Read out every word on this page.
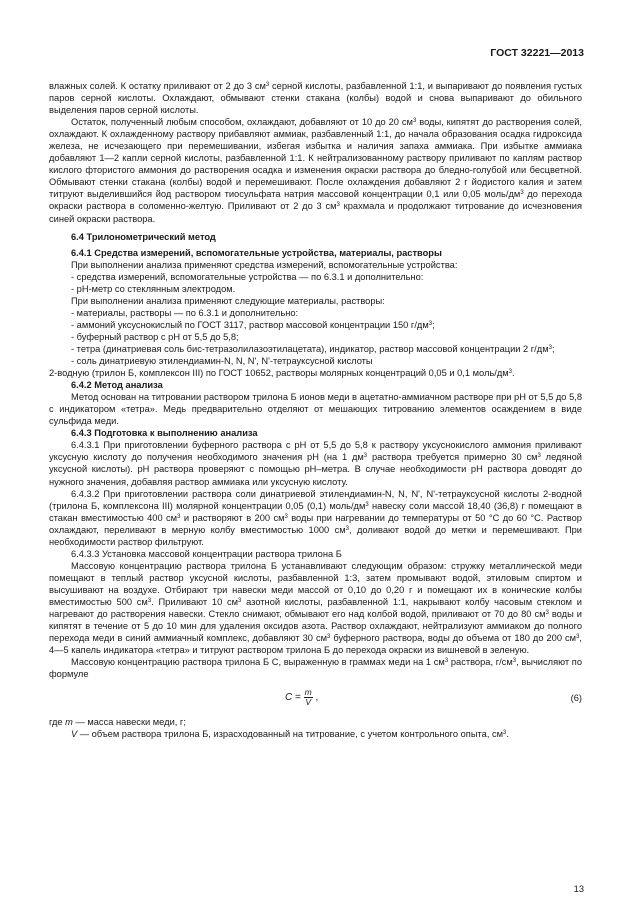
ГОСТ 32221—2013

влажных солей. К остатку приливают от 2 до 3 $см^3$ серной кислоты, разбавленной 1:1, и выпаривают до появления густых паров серной кислоты. Охлаждают, обмывают стенки стакана (колбы) водой и снова выпаривают до обильного выделения паров серной кислоты.

Остаток, полученный любым способом, охлаждают, добавляют от 10 до 20 $см^3$ воды, кипятят до растворения солей, охлаждают. К охлажденному раствору прибавляют аммиак, разбавленный 1:1, до начала образования осадка гидроксида железа, не исчезающего при перемешивании, избегая избытка и наличия запаха аммиака. При избытке аммиака добавляют 1—2 капли серной кислоты, разбавленной 1:1. К нейтрализованному раствору приливают по каплям раствор кислого фтористого аммония до растворения осадка и изменения окраски раствора до бледно-голубой или бесцветной. Обмывают стенки стакана (колбы) водой и перемешивают. После охлаждения добавляют 2 г йодистого калия и затем титруют выделившийся йод раствором тиосульфата натрия массовой концентрации 0,1 или 0,05 моль/$дм^3$ до перехода окраски раствора в соломенно-желтую. Приливают от 2 до 3 $см^3$ крахмала и продолжают титрование до исчезновения синей окраски раствора.

6.4 Трилонометрический метод

6.4.1 Средства измерений, вспомогательные устройства, материалы, растворы

При выполнении анализа применяют средства измерений, вспомогательные устройства:

- средства измерений, вспомогательные устройства — по 6.3.1 и дополнительно:

- рН-метр со стеклянным электродом.

При выполнении анализа применяют следующие материалы, растворы:

- материалы, растворы — по 6.3.1 и дополнительно:

- аммоний уксуснокислый по ГОСТ 3117, раствор массовой концентрации 150 $г/дм^3$;

- буферный раствор с рН от 5,5 до 5,8;

- тетра (динатриевая соль бис-тетразолилазоэтилацетата), индикатор, раствор массовой концентрации 2 $г/дм^3$;

- соль динатриевую этилендиамин-N, N, N', N'-тетрауксусной кислоты

2-водную (трилон Б, комплексон III) по ГОСТ 10652, растворы молярных концентраций 0,05 и 0,1 моль/$дм^3$.

6.4.2 Метод анализа

Метод основан на титровании раствором трилона Б ионов меди в ацетатно-аммиачном растворе при рН от 5,5 до 5,8 с индикатором «тетра». Медь предварительно отделяют от мешающих титрованию элементов осаждением в виде сульфида меди.

6.4.3 Подготовка к выполнению анализа

6.4.3.1 При приготовлении буферного раствора с рН от 5,5 до 5,8 к раствору уксуснокислого аммония приливают уксусную кислоту до получения необходимого значения рН (на 1 $дм^3$ раствора требуется примерно 30 $см^3$ ледяной уксусной кислоты). рН раствора проверяют с помощью рН–метра. В случае необходимости рН раствора доводят до нужного значения, добавляя раствор аммиака или уксусную кислоту.

6.4.3.2 При приготовлении раствора соли динатриевой этилендиамин-N, N, N', N'-тетрауксусной кислоты 2-водной (трилона Б, комплексона III) молярной концентрации 0,05 (0,1) моль/$дм^3$ навеску соли массой 18,40 (36,8) г помещают в стакан вместимостью 400 $см^3$ и растворяют в 200 $см^3$ воды при нагревании до температуры от 50 °С до 60 °С. Раствор охлаждают, переливают в мерную колбу вместимостью 1000 $см^3$, доливают водой до метки и перемешивают. При необходимости раствор фильтруют.

6.4.3.3 Установка массовой концентрации раствора трилона Б

Массовую концентрацию раствора трилона Б устанавливают следующим образом: стружку металлической меди помещают в теплый раствор уксусной кислоты, разбавленной 1:3, затем промывают водой, этиловым спиртом и высушивают на воздухе. Отбирают три навески меди массой от 0,10 до 0,20 г и помещают их в конические колбы вместимостью 500 $см^3$. Приливают 10 $см^3$ азотной кислоты, разбавленной 1:1, накрывают колбу часовым стеклом и нагревают до растворения навески. Стекло снимают, обмывают его над колбой водой, приливают от 70 до 80 $см^3$ воды и кипятят в течение от 5 до 10 мин для удаления оксидов азота. Раствор охлаждают, нейтрализуют аммиаком до полного перехода меди в синий аммиачный комплекс, добавляют 30 $см^3$ буферного раствора, воды до объема от 180 до 200 $см^3$, 4—5 капель индикатора «тетра» и титруют раствором трилона Б до перехода окраски из вишневой в зеленую.

Массовую концентрацию раствора трилона Б С, выраженную в граммах меди на 1 $см^3$ раствора, $г/см^3$, вычисляют по формуле

$С = \frac{m}{V}$ ,	(6)

где m — масса навески меди, г;

V — объем раствора трилона Б, израсходованный на титрование, с учетом контрольного опыта, $см^3$.

13
